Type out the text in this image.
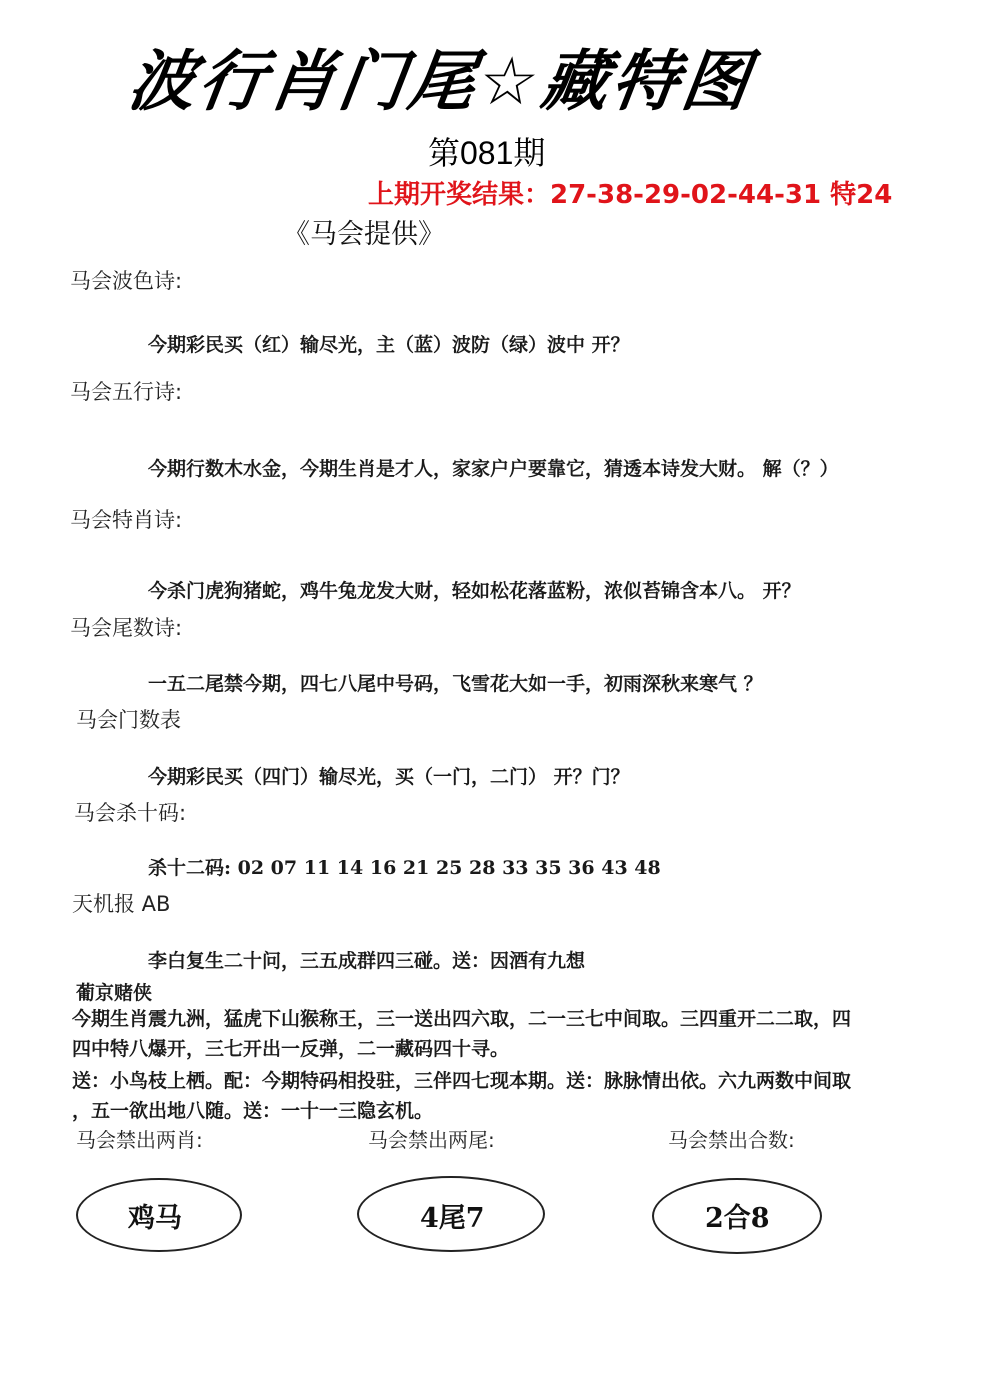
波行肖门尾☆藏特图
第081期
上期开奖结果：27-38-29-02-44-31 特24
《马会提供》
马会波色诗:
今期彩民买（红）输尽光，主（蓝）波防（绿）波中 开？
马会五行诗:
今期行数木水金，今期生肖是才人，家家户户要靠它，猜透本诗发大财。 解（？）
马会特肖诗:
今杀门虎狗猪蛇，鸡牛兔龙发大财，轻如松花落蓝粉，浓似苔锦含本八。 开？
马会尾数诗:
一五二尾禁今期，四七八尾中号码，飞雪花大如一手，初雨深秋来寒气 ？
马会门数表
今期彩民买（四门）输尽光，买（一门，二门） 开？门？
马会杀十码:
杀十二码: 02 07 11 14 16 21 25 28 33 35 36 43 48
天机报 AB
李白复生二十问，三五成群四三碰。送：因酒有九想
葡京赌侠
今期生肖震九洲，猛虎下山猴称王，三一送出四六取，二一三七中间取。三四重开二二取，四
四中特八爆开，三七开出一反弹，二一藏码四十寻。
送：小鸟枝上栖。配：今期特码相投驻，三伴四七现本期。送：脉脉情出依。六九两数中间取
，五一欲出地八随。送：一十一三隐玄机。
马会禁出两肖:	马会禁出两尾:	马会禁出合数:
鸡马	4尾7	2合8
